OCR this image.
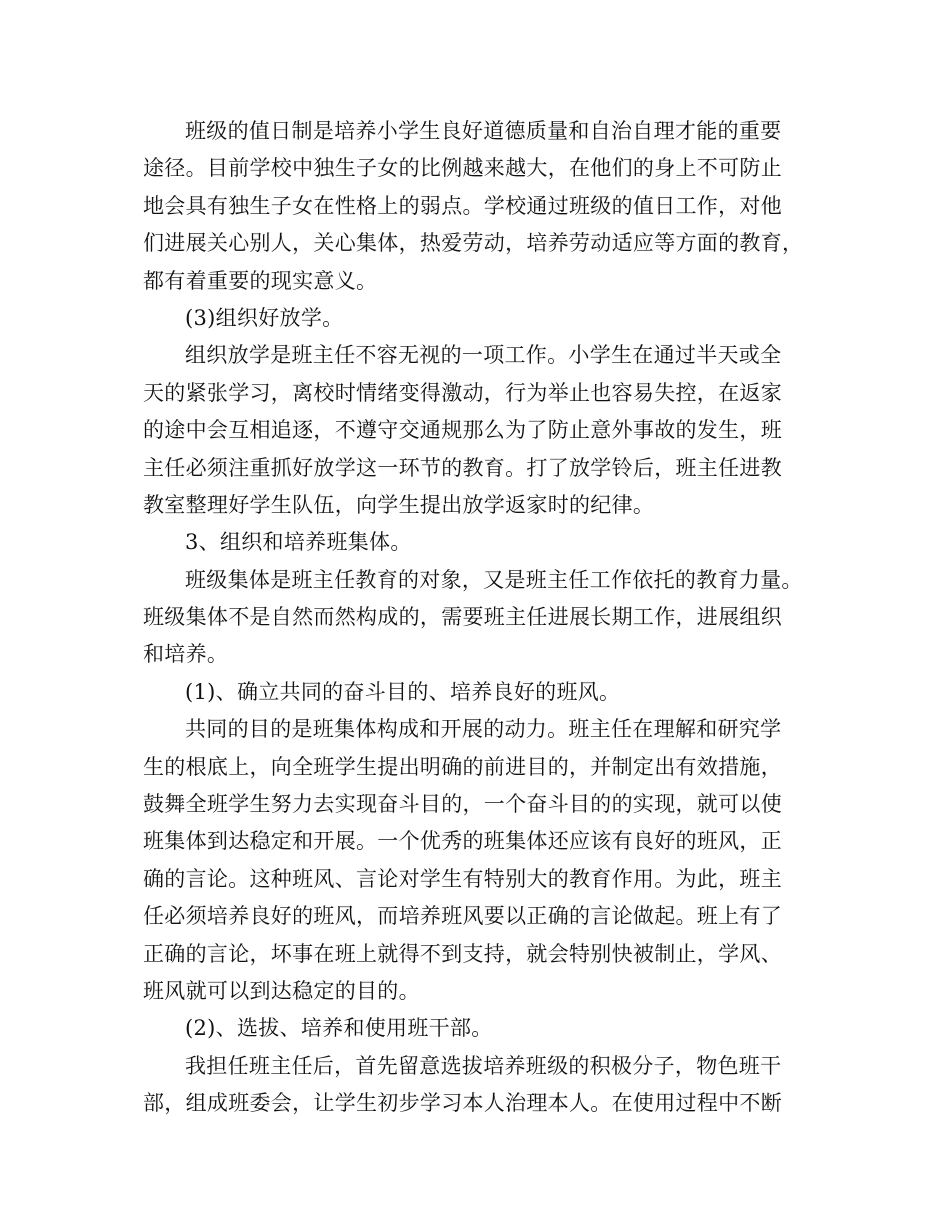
班级的值日制是培养小学生良好道德质量和自治自理才能的重要
途径。目前学校中独生子女的比例越来越大，在他们的身上不可防止
地会具有独生子女在性格上的弱点。学校通过班级的值日工作，对他
们进展关心别人，关心集体，热爱劳动，培养劳动适应等方面的教育，
都有着重要的现实意义。
(3)组织好放学。
组织放学是班主任不容无视的一项工作。小学生在通过半天或全
天的紧张学习，离校时情绪变得激动，行为举止也容易失控，在返家
的途中会互相追逐，不遵守交通规那么为了防止意外事故的发生，班
主任必须注重抓好放学这一环节的教育。打了放学铃后，班主任进教
教室整理好学生队伍，向学生提出放学返家时的纪律。
3、组织和培养班集体。
班级集体是班主任教育的对象，又是班主任工作依托的教育力量。
班级集体不是自然而然构成的，需要班主任进展长期工作，进展组织
和培养。
(1)、确立共同的奋斗目的、培养良好的班风。
共同的目的是班集体构成和开展的动力。班主任在理解和研究学
生的根底上，向全班学生提出明确的前进目的，并制定出有效措施，
鼓舞全班学生努力去实现奋斗目的，一个奋斗目的的实现，就可以使
班集体到达稳定和开展。一个优秀的班集体还应该有良好的班风，正
确的言论。这种班风、言论对学生有特别大的教育作用。为此，班主
任必须培养良好的班风，而培养班风要以正确的言论做起。班上有了
正确的言论，坏事在班上就得不到支持，就会特别快被制止，学风、
班风就可以到达稳定的目的。
(2)、选拔、培养和使用班干部。
我担任班主任后，首先留意选拔培养班级的积极分子，物色班干
部，组成班委会，让学生初步学习本人治理本人。在使用过程中不断
